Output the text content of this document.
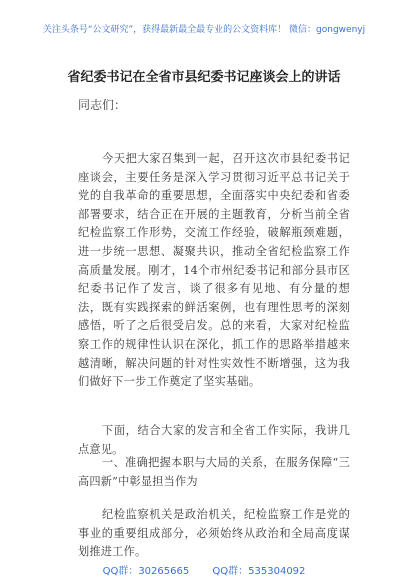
关注头条号“公文研究”，获得最新最全最专业的公文资料库！ 微信：gongwenyj
省纪委书记在全省市县纪委书记座谈会上的讲话
同志们：

今天把大家召集到一起，召开这次市县纪委书记座谈会，主要任务是深入学习贯彻习近平总书记关于党的自我革命的重要思想，全面落实中央纪委和省委部署要求，结合正在开展的主题教育，分析当前全省纪检监察工作形势，交流工作经验，破解瓶颈难题，进一步统一思想、凝聚共识，推动全省纪检监察工作高质量发展。刚才，14个市州纪委书记和部分县市区纪委书记作了发言，谈了很多有见地、有分量的想法，既有实践探索的鲜活案例，也有理性思考的深刻感悟，听了之后很受启发。总的来看，大家对纪检监察工作的规律性认识在深化，抓工作的思路举措越来越清晰，解决问题的针对性实效性不断增强，这为我们做好下一步工作奠定了坚实基础。

下面，结合大家的发言和全省工作实际，我讲几点意见。

一、准确把握本职与大局的关系，在服务保障“三高四新”中彰显担当作为

纪检监察机关是政治机关，纪检监察工作是党的事业的重要组成部分，必须始终从政治和全局高度谋划推进工作。

QQ群：30265665 QQ群：535304092
